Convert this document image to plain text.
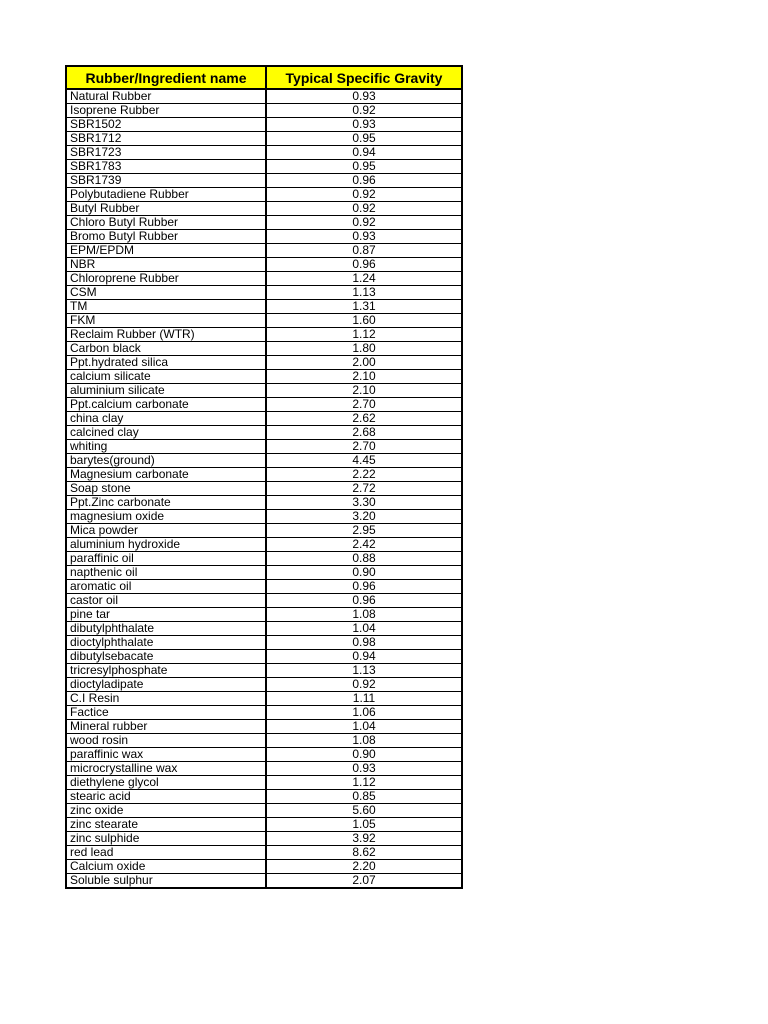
Rubber/Ingredient name	Typical Specific Gravity
Natural Rubber	0.93
Isoprene Rubber	0.92
SBR1502	0.93
SBR1712	0.95
SBR1723	0.94
SBR1783	0.95
SBR1739	0.96
Polybutadiene Rubber	0.92
Butyl Rubber	0.92
Chloro Butyl Rubber	0.92
Bromo Butyl Rubber	0.93
EPM/EPDM	0.87
NBR	0.96
Chloroprene Rubber	1.24
CSM	1.13
TM	1.31
FKM	1.60
Reclaim Rubber (WTR)	1.12
Carbon black	1.80
Ppt.hydrated silica	2.00
calcium silicate	2.10
aluminium silicate	2.10
Ppt.calcium carbonate	2.70
china clay	2.62
calcined clay	2.68
whiting	2.70
barytes(ground)	4.45
Magnesium carbonate	2.22
Soap stone	2.72
Ppt.Zinc carbonate	3.30
magnesium oxide	3.20
Mica powder	2.95
aluminium hydroxide	2.42
paraffinic oil	0.88
napthenic oil	0.90
aromatic oil	0.96
castor oil	0.96
pine tar	1.08
dibutylphthalate	1.04
dioctylphthalate	0.98
dibutylsebacate	0.94
tricresylphosphate	1.13
dioctyladipate	0.92
C.I Resin	1.11
Factice	1.06
Mineral rubber	1.04
wood rosin	1.08
paraffinic wax	0.90
microcrystalline wax	0.93
diethylene glycol	1.12
stearic acid	0.85
zinc oxide	5.60
zinc stearate	1.05
zinc sulphide	3.92
red lead	8.62
Calcium oxide	2.20
Soluble sulphur	2.07
